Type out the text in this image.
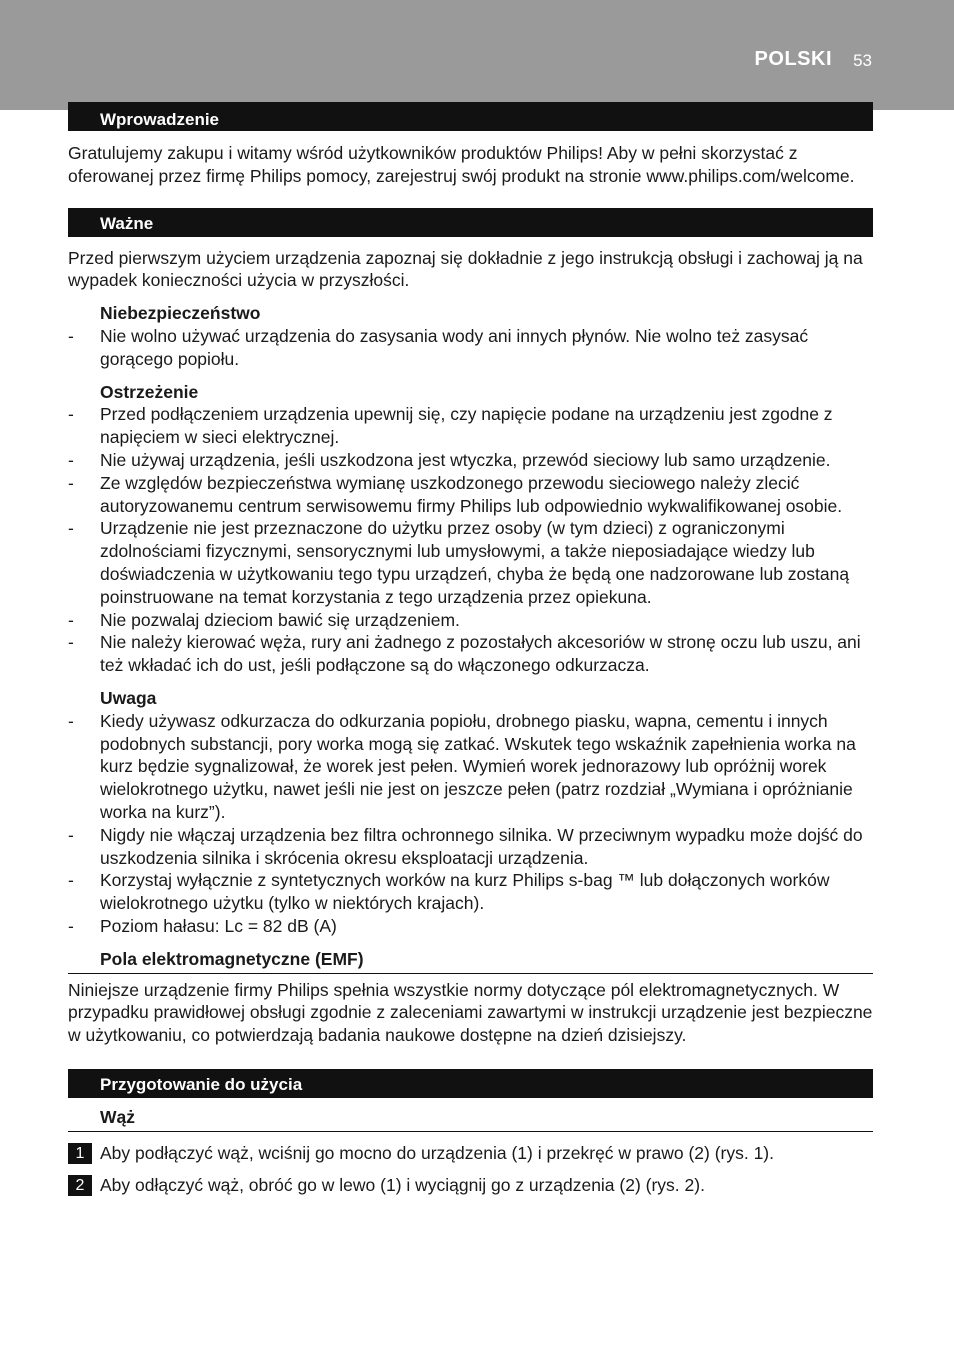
POLSKI 53
Wprowadzenie

Gratulujemy zakupu i witamy wśród użytkowników produktów Philips! Aby w pełni skorzystać z oferowanej przez firmę Philips pomocy, zarejestruj swój produkt na stronie www.philips.com/welcome.

Ważne

Przed pierwszym użyciem urządzenia zapoznaj się dokładnie z jego instrukcją obsługi i zachowaj ją na wypadek konieczności użycia w przyszłości.

Niebezpieczeństwo
- Nie wolno używać urządzenia do zasysania wody ani innych płynów. Nie wolno też zasysać gorącego popiołu.
Ostrzeżenie
- Przed podłączeniem urządzenia upewnij się, czy napięcie podane na urządzeniu jest zgodne z napięciem w sieci elektrycznej.
- Nie używaj urządzenia, jeśli uszkodzona jest wtyczka, przewód sieciowy lub samo urządzenie.
- Ze względów bezpieczeństwa wymianę uszkodzonego przewodu sieciowego należy zlecić autoryzowanemu centrum serwisowemu firmy Philips lub odpowiednio wykwalifikowanej osobie.
- Urządzenie nie jest przeznaczone do użytku przez osoby (w tym dzieci) z ograniczonymi zdolnościami fizycznymi, sensorycznymi lub umysłowymi, a także nieposiadające wiedzy lub doświadczenia w użytkowaniu tego typu urządzeń, chyba że będą one nadzorowane lub zostaną poinstruowane na temat korzystania z tego urządzenia przez opiekuna.
- Nie pozwalaj dzieciom bawić się urządzeniem.
- Nie należy kierować węża, rury ani żadnego z pozostałych akcesoriów w stronę oczu lub uszu, ani też wkładać ich do ust, jeśli podłączone są do włączonego odkurzacza.
Uwaga
- Kiedy używasz odkurzacza do odkurzania popiołu, drobnego piasku, wapna, cementu i innych podobnych substancji, pory worka mogą się zatkać. Wskutek tego wskaźnik zapełnienia worka na kurz będzie sygnalizował, że worek jest pełen. Wymień worek jednorazowy lub opróżnij worek wielokrotnego użytku, nawet jeśli nie jest on jeszcze pełen (patrz rozdział „Wymiana i opróżnianie worka na kurz”).
- Nigdy nie włączaj urządzenia bez filtra ochronnego silnika. W przeciwnym wypadku może dojść do uszkodzenia silnika i skrócenia okresu eksploatacji urządzenia.
- Korzystaj wyłącznie z syntetycznych worków na kurz Philips s-bag ™ lub dołączonych worków wielokrotnego użytku (tylko w niektórych krajach).
- Poziom hałasu: Lc = 82 dB (A)
Pola elektromagnetyczne (EMF)

Niniejsze urządzenie firmy Philips spełnia wszystkie normy dotyczące pól elektromagnetycznych. W przypadku prawidłowej obsługi zgodnie z zaleceniami zawartymi w instrukcji urządzenie jest bezpieczne w użytkowaniu, co potwierdzają badania naukowe dostępne na dzień dzisiejszy.

Przygotowanie do użycia
Wąż
1 Aby podłączyć wąż, wciśnij go mocno do urządzenia (1) i przekręć w prawo (2) (rys. 1).
2 Aby odłączyć wąż, obróć go w lewo (1) i wyciągnij go z urządzenia (2) (rys. 2).
